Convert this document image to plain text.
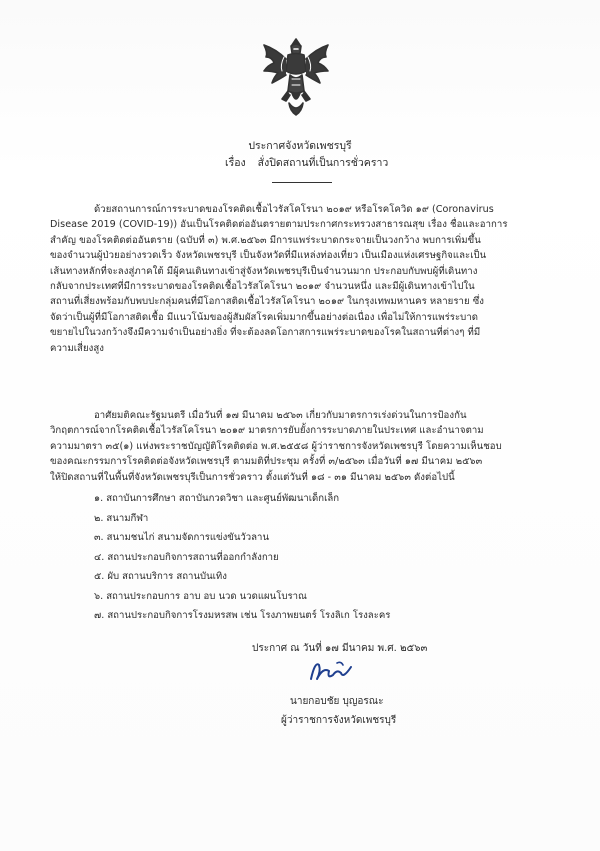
ประกาศจังหวัดเพชรบุรี
เรื่อง สั่งปิดสถานที่เป็นการชั่วคราว
ด้วยสถานการณ์การระบาดของโรคติดเชื้อไวรัสโคโรนา ๒๐๑๙ หรือโรคโควิด ๑๙ (Coronavirus
Disease 2019 (COVID-19)) อันเป็นโรคติดต่ออันตรายตามประกาศกระทรวงสาธารณสุข เรื่อง ชื่อและอาการ
สำคัญ ของโรคติดต่ออันตราย (ฉบับที่ ๓) พ.ศ.๒๕๖๓ มีการแพร่ระบาดกระจายเป็นวงกว้าง พบการเพิ่มขึ้น
ของจำนวนผู้ป่วยอย่างรวดเร็ว จังหวัดเพชรบุรี เป็นจังหวัดที่มีแหล่งท่องเที่ยว เป็นเมืองแห่งเศรษฐกิจและเป็น
เส้นทางหลักที่จะลงสู่ภาคใต้ มีผู้คนเดินทางเข้าสู่จังหวัดเพชรบุรีเป็นจำนวนมาก ประกอบกับพบผู้ที่เดินทาง
กลับจากประเทศที่มีการระบาดของโรคติดเชื้อไวรัสโคโรนา ๒๐๑๙ จำนวนหนึ่ง และมีผู้เดินทางเข้าไปใน
สถานที่เสี่ยงพร้อมกับพบปะกลุ่มคนที่มีโอกาสติดเชื้อไวรัสโคโรนา ๒๐๑๙ ในกรุงเทพมหานคร หลายราย ซึ่ง
จัดว่าเป็นผู้ที่มีโอกาสติดเชื้อ มีแนวโน้มของผู้สัมผัสโรคเพิ่มมากขึ้นอย่างต่อเนื่อง เพื่อไม่ให้การแพร่ระบาด
ขยายไปในวงกว้างจึงมีความจำเป็นอย่างยิ่ง ที่จะต้องลดโอกาสการแพร่ระบาดของโรคในสถานที่ต่างๆ ที่มี
ความเสี่ยงสูง
อาศัยมติคณะรัฐมนตรี เมื่อวันที่ ๑๗ มีนาคม ๒๕๖๓ เกี่ยวกับมาตรการเร่งด่วนในการป้องกัน
วิกฤตการณ์จากโรคติดเชื้อไวรัสโคโรนา ๒๐๑๙ มาตรการยับยั้งการระบาดภายในประเทศ และอำนาจตาม
ความมาตรา ๓๕(๑) แห่งพระราชบัญญัติโรคติดต่อ พ.ศ.๒๕๕๘ ผู้ว่าราชการจังหวัดเพชรบุรี โดยความเห็นชอบ
ของคณะกรรมการโรคติดต่อจังหวัดเพชรบุรี ตามมติที่ประชุม ครั้งที่ ๓/๒๕๖๓ เมื่อวันที่ ๑๗ มีนาคม ๒๕๖๓
ให้ปิดสถานที่ในพื้นที่จังหวัดเพชรบุรีเป็นการชั่วคราว ตั้งแต่วันที่ ๑๘ - ๓๑ มีนาคม ๒๕๖๓ ดังต่อไปนี้
๑. สถาบันการศึกษา สถาบันกวดวิชา และศูนย์พัฒนาเด็กเล็ก
๒. สนามกีฬา
๓. สนามชนไก่ สนามจัดการแข่งขันวัวลาน
๔. สถานประกอบกิจการสถานที่ออกกำลังกาย
๕. ผับ สถานบริการ สถานบันเทิง
๖. สถานประกอบการ อาบ อบ นวด นวดแผนโบราณ
๗. สถานประกอบกิจการโรงมหรสพ เช่น โรงภาพยนตร์ โรงลิเก โรงละคร
ประกาศ ณ วันที่ ๑๗ มีนาคม พ.ศ. ๒๕๖๓
นายกอบชัย บุญอรณะ
ผู้ว่าราชการจังหวัดเพชรบุรี
